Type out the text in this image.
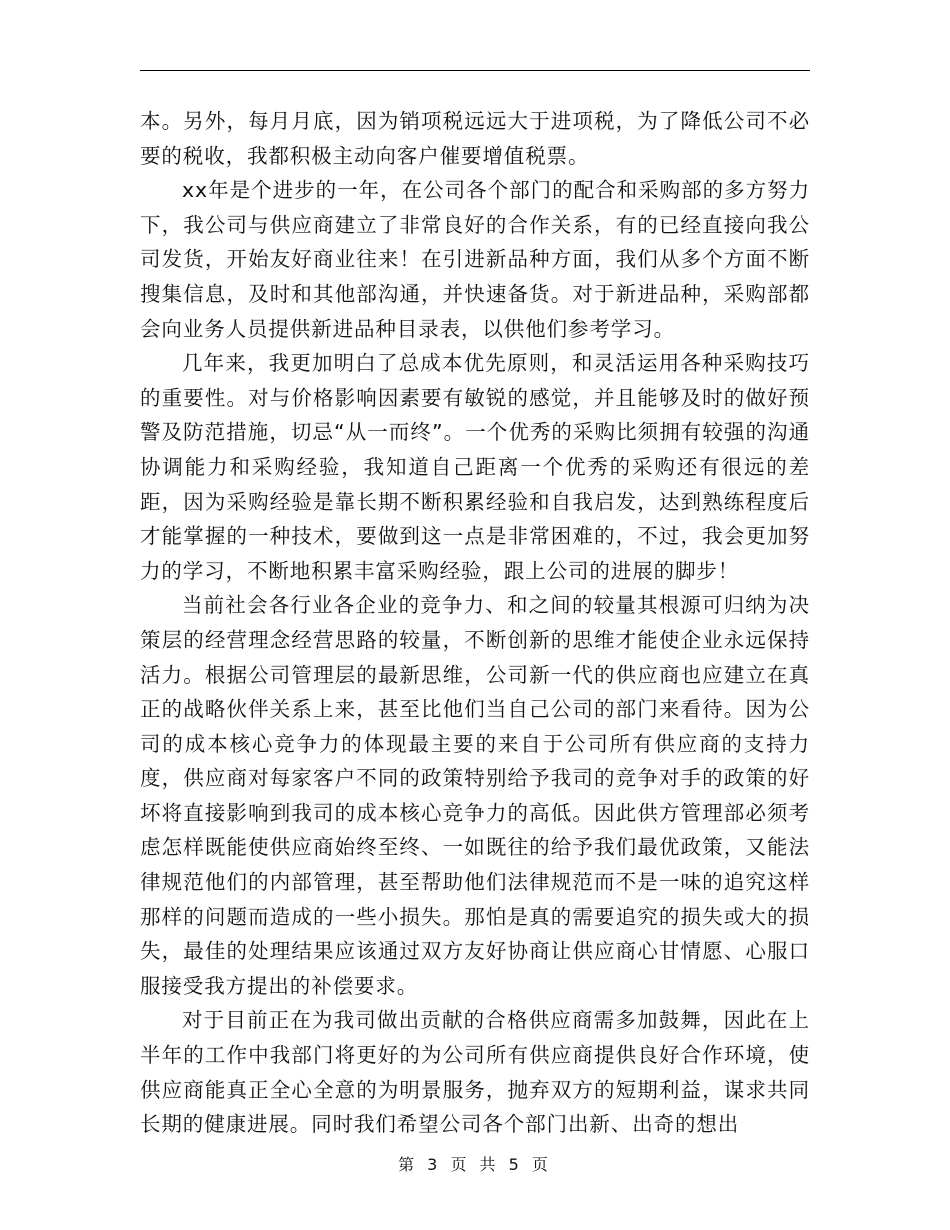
本。另外，每月月底，因为销项税远远大于进项税，为了降低公司不必要的税收，我都积极主动向客户催要增值税票。

xx年是个进步的一年，在公司各个部门的配合和采购部的多方努力下，我公司与供应商建立了非常良好的合作关系，有的已经直接向我公司发货，开始友好商业往来！在引进新品种方面，我们从多个方面不断搜集信息，及时和其他部沟通，并快速备货。对于新进品种，采购部都会向业务人员提供新进品种目录表，以供他们参考学习。

几年来，我更加明白了总成本优先原则，和灵活运用各种采购技巧的重要性。对与价格影响因素要有敏锐的感觉，并且能够及时的做好预警及防范措施，切忌“从一而终”。一个优秀的采购比须拥有较强的沟通协调能力和采购经验，我知道自己距离一个优秀的采购还有很远的差距，因为采购经验是靠长期不断积累经验和自我启发，达到熟练程度后才能掌握的一种技术，要做到这一点是非常困难的，不过，我会更加努力的学习，不断地积累丰富采购经验，跟上公司的进展的脚步！

当前社会各行业各企业的竞争力、和之间的较量其根源可归纳为决策层的经营理念经营思路的较量，不断创新的思维才能使企业永远保持活力。根据公司管理层的最新思维，公司新一代的供应商也应建立在真正的战略伙伴关系上来，甚至比他们当自己公司的部门来看待。因为公司的成本核心竞争力的体现最主要的来自于公司所有供应商的支持力度，供应商对每家客户不同的政策特别给予我司的竞争对手的政策的好坏将直接影响到我司的成本核心竞争力的高低。因此供方管理部必须考虑怎样既能使供应商始终至终、一如既往的给予我们最优政策，又能法律规范他们的内部管理，甚至帮助他们法律规范而不是一味的追究这样那样的问题而造成的一些小损失。那怕是真的需要追究的损失或大的损失，最佳的处理结果应该通过双方友好协商让供应商心甘情愿、心服口服接受我方提出的补偿要求。

对于目前正在为我司做出贡献的合格供应商需多加鼓舞，因此在上半年的工作中我部门将更好的为公司所有供应商提供良好合作环境，使供应商能真正全心全意的为明景服务，抛弃双方的短期利益，谋求共同长期的健康进展。同时我们希望公司各个部门出新、出奇的想出

第 3 页 共 5 页
